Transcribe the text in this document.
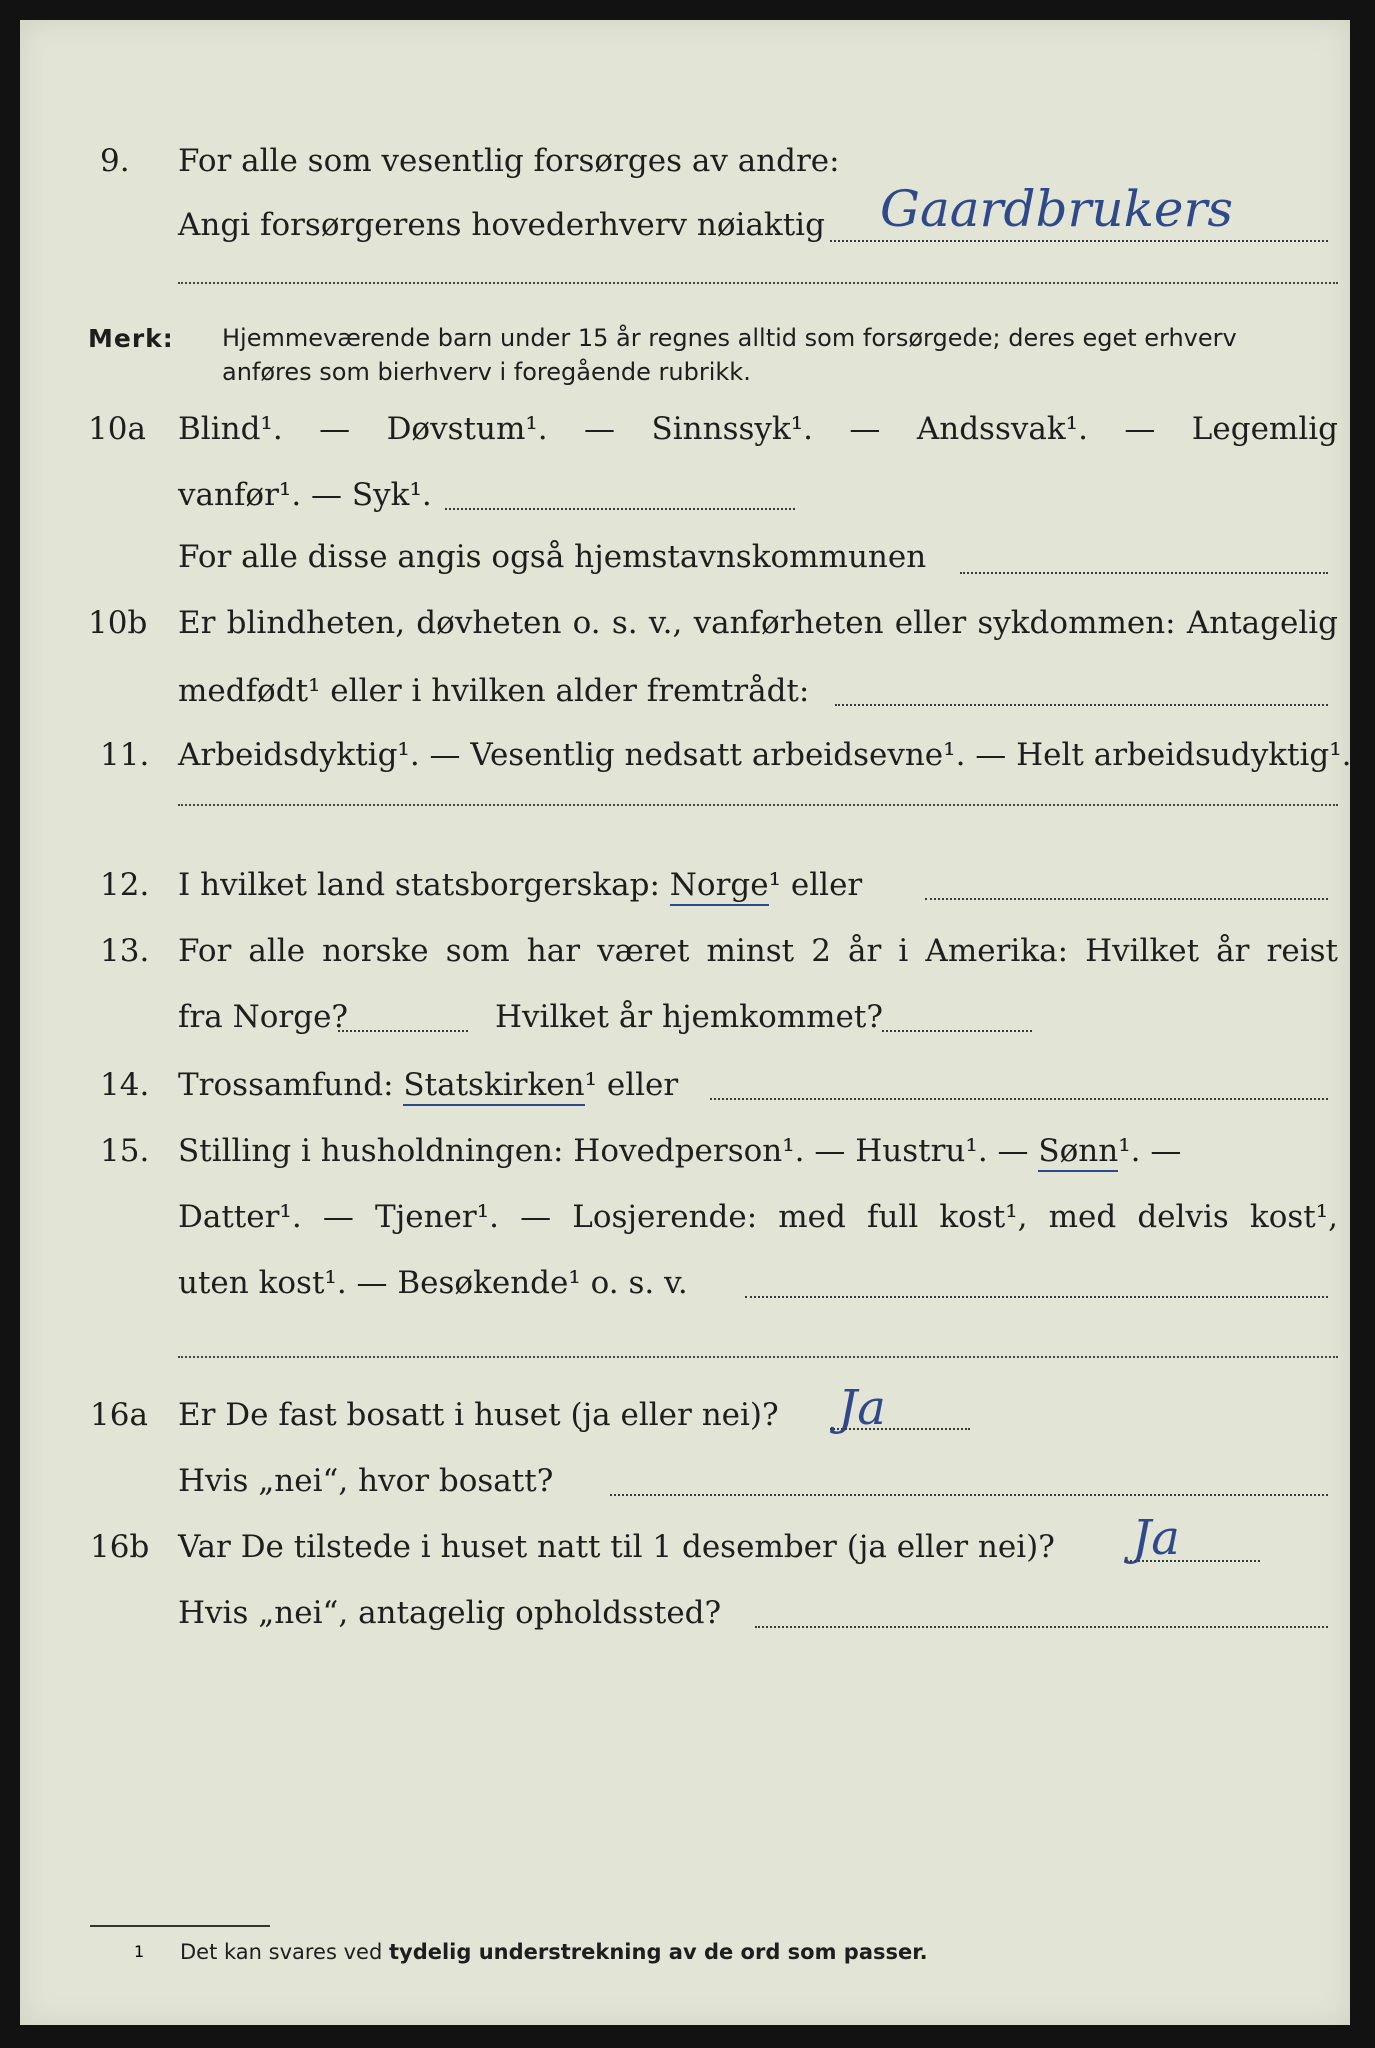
9. For alle som vesentlig forsørges av andre:
Angi forsørgerens hovederhverv nøiaktig Gaardbrukers
Merk: Hjemmeværende barn under 15 år regnes alltid som forsørgede; deres eget erhverv
anføres som bierhverv i foregående rubrikk.
10a Blind¹. — Døvstum¹. — Sinnssyk¹. — Andssvak¹. — Legemlig
vanfør¹. — Syk¹.
For alle disse angis også hjemstavnskommunen
10b Er blindheten, døvheten o. s. v., vanførheten eller sykdommen: Antagelig
medfødt¹ eller i hvilken alder fremtrådt:
11. Arbeidsdyktig¹. — Vesentlig nedsatt arbeidsevne¹. — Helt arbeidsudyktig¹.
12. I hvilket land statsborgerskap: Norge¹ eller
13. For alle norske som har været minst 2 år i Amerika: Hvilket år reist
fra Norge?	Hvilket år hjemkommet?
14. Trossamfund: Statskirken¹ eller
15. Stilling i husholdningen: Hovedperson¹. — Hustru¹. — Sønn¹. —
Datter¹. — Tjener¹. — Losjerende: med full kost¹, med delvis kost¹,
uten kost¹. — Besøkende¹ o. s. v.
16a Er De fast bosatt i huset (ja eller nei)? Ja
Hvis „nei“, hvor bosatt?
16b Var De tilstede i huset natt til 1 desember (ja eller nei)? Ja
Hvis „nei“, antagelig opholdssted?
1 Det kan svares ved tydelig understrekning av de ord som passer.
